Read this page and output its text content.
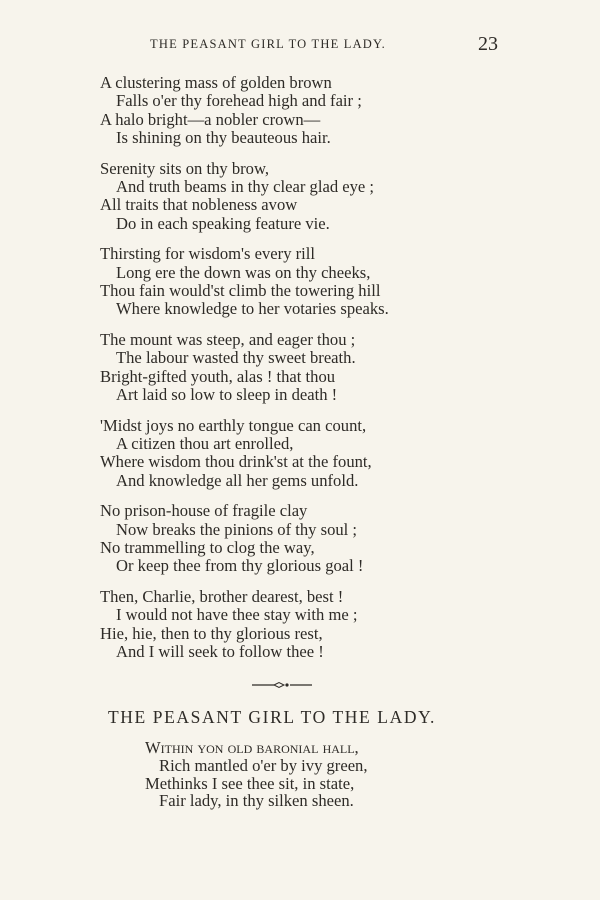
THE PEASANT GIRL TO THE LADY.	23
A clustering mass of golden brown
Falls o'er thy forehead high and fair ;
A halo bright—a nobler crown—
Is shining on thy beauteous hair.
Serenity sits on thy brow,
And truth beams in thy clear glad eye ;
All traits that nobleness avow
Do in each speaking feature vie.
Thirsting for wisdom's every rill
Long ere the down was on thy cheeks,
Thou fain would'st climb the towering hill
Where knowledge to her votaries speaks.
The mount was steep, and eager thou ;
The labour wasted thy sweet breath.
Bright-gifted youth, alas ! that thou
Art laid so low to sleep in death !
'Midst joys no earthly tongue can count,
A citizen thou art enrolled,
Where wisdom thou drink'st at the fount,
And knowledge all her gems unfold.
No prison-house of fragile clay
Now breaks the pinions of thy soul ;
No trammelling to clog the way,
Or keep thee from thy glorious goal !
Then, Charlie, brother dearest, best !
I would not have thee stay with me ;
Hie, hie, then to thy glorious rest,
And I will seek to follow thee !
THE PEASANT GIRL TO THE LADY.
Within yon old baronial hall,
Rich mantled o'er by ivy green,
Methinks I see thee sit, in state,
Fair lady, in thy silken sheen.
